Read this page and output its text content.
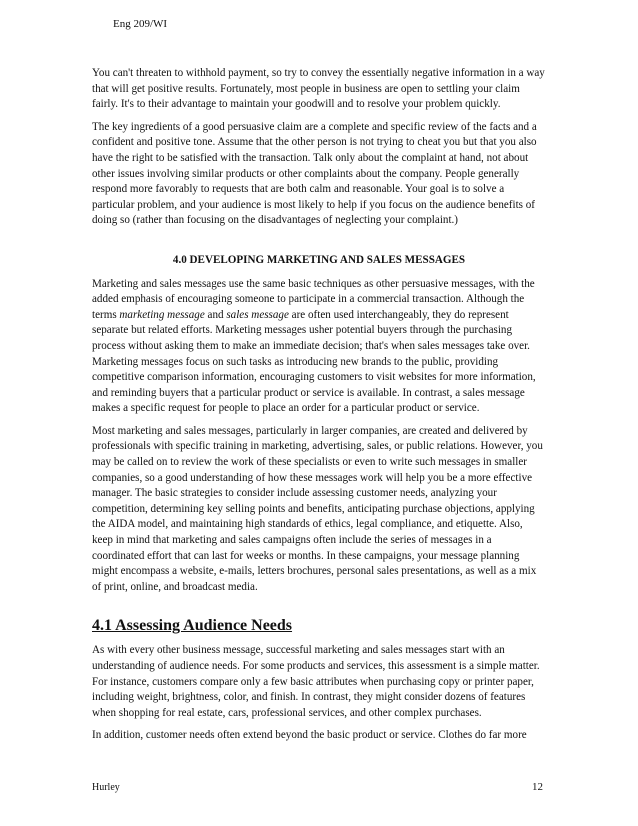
Eng 209/WI

You can't threaten to withhold payment, so try to convey the essentially negative information in a way that will get positive results. Fortunately, most people in business are open to settling your claim fairly. It's to their advantage to maintain your goodwill and to resolve your problem quickly.

The key ingredients of a good persuasive claim are a complete and specific review of the facts and a confident and positive tone. Assume that the other person is not trying to cheat you but that you also have the right to be satisfied with the transaction. Talk only about the complaint at hand, not about other issues involving similar products or other complaints about the company. People generally respond more favorably to requests that are both calm and reasonable. Your goal is to solve a particular problem, and your audience is most likely to help if you focus on the audience benefits of doing so (rather than focusing on the disadvantages of neglecting your complaint.)

4.0 DEVELOPING MARKETING AND SALES MESSAGES

Marketing and sales messages use the same basic techniques as other persuasive messages, with the added emphasis of encouraging someone to participate in a commercial transaction. Although the terms marketing message and sales message are often used interchangeably, they do represent separate but related efforts. Marketing messages usher potential buyers through the purchasing process without asking them to make an immediate decision; that's when sales messages take over. Marketing messages focus on such tasks as introducing new brands to the public, providing competitive comparison information, encouraging customers to visit websites for more information, and reminding buyers that a particular product or service is available. In contrast, a sales message makes a specific request for people to place an order for a particular product or service.

Most marketing and sales messages, particularly in larger companies, are created and delivered by professionals with specific training in marketing, advertising, sales, or public relations. However, you may be called on to review the work of these specialists or even to write such messages in smaller companies, so a good understanding of how these messages work will help you be a more effective manager. The basic strategies to consider include assessing customer needs, analyzing your competition, determining key selling points and benefits, anticipating purchase objections, applying the AIDA model, and maintaining high standards of ethics, legal compliance, and etiquette. Also, keep in mind that marketing and sales campaigns often include the series of messages in a coordinated effort that can last for weeks or months. In these campaigns, your message planning might encompass a website, e-mails, letters brochures, personal sales presentations, as well as a mix of print, online, and broadcast media.

4.1 Assessing Audience Needs

As with every other business message, successful marketing and sales messages start with an understanding of audience needs. For some products and services, this assessment is a simple matter. For instance, customers compare only a few basic attributes when purchasing copy or printer paper, including weight, brightness, color, and finish. In contrast, they might consider dozens of features when shopping for real estate, cars, professional services, and other complex purchases.

In addition, customer needs often extend beyond the basic product or service. Clothes do far more

Hurley	12
